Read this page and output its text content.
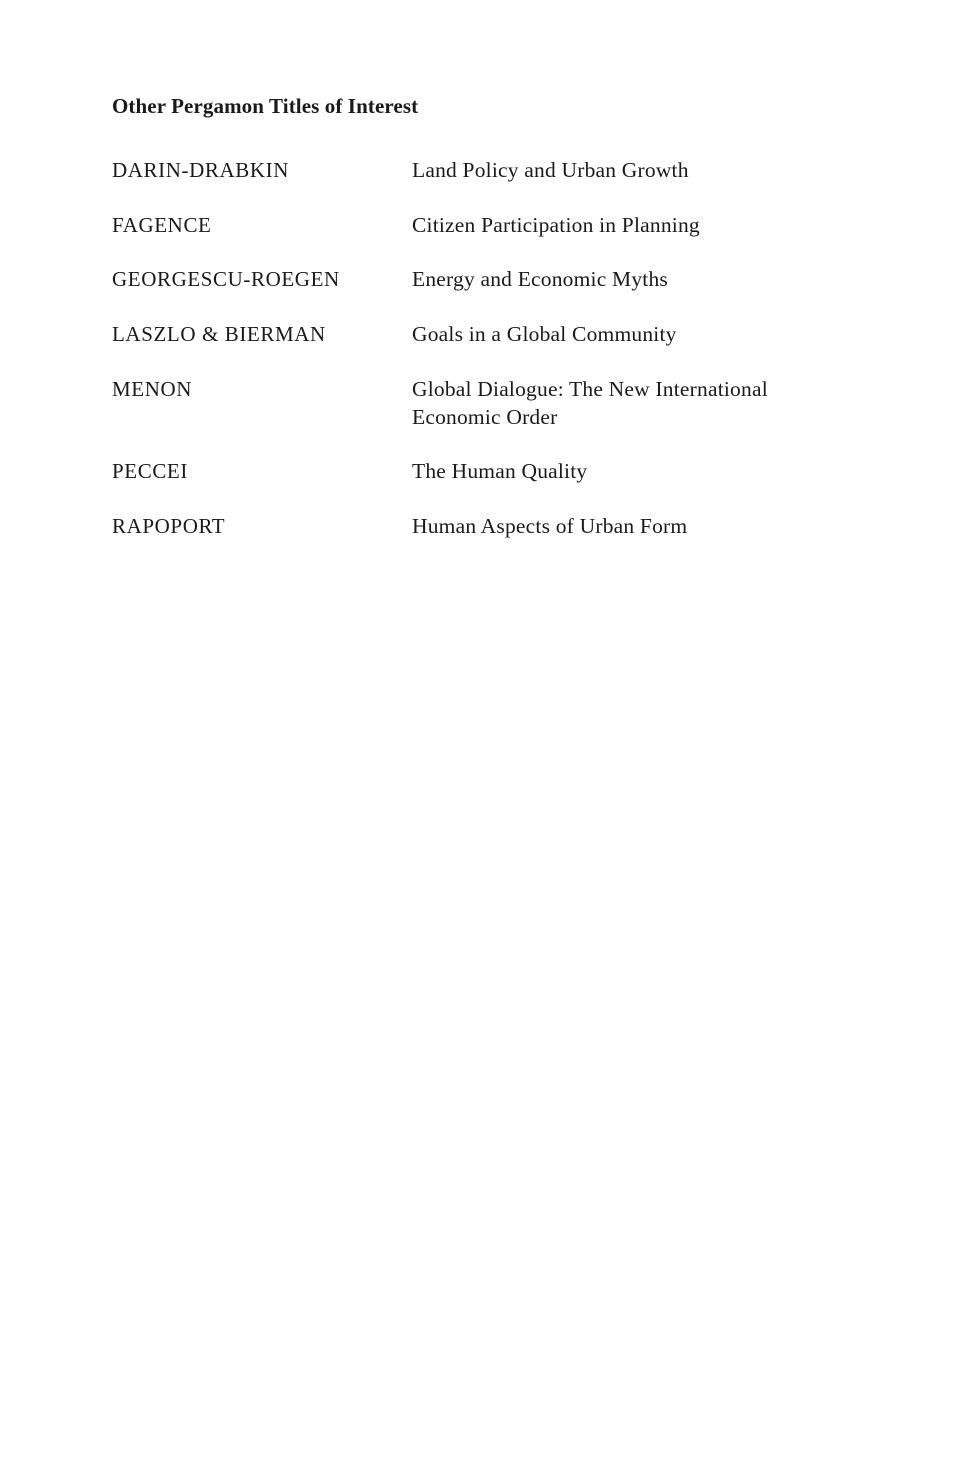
Other Pergamon Titles of Interest
DARIN-DRABKIN	Land Policy and Urban Growth
FAGENCE	Citizen Participation in Planning
GEORGESCU-ROEGEN	Energy and Economic Myths
LASZLO & BIERMAN	Goals in a Global Community
MENON	Global Dialogue: The New International
Economic Order
PECCEI	The Human Quality
RAPOPORT	Human Aspects of Urban Form
